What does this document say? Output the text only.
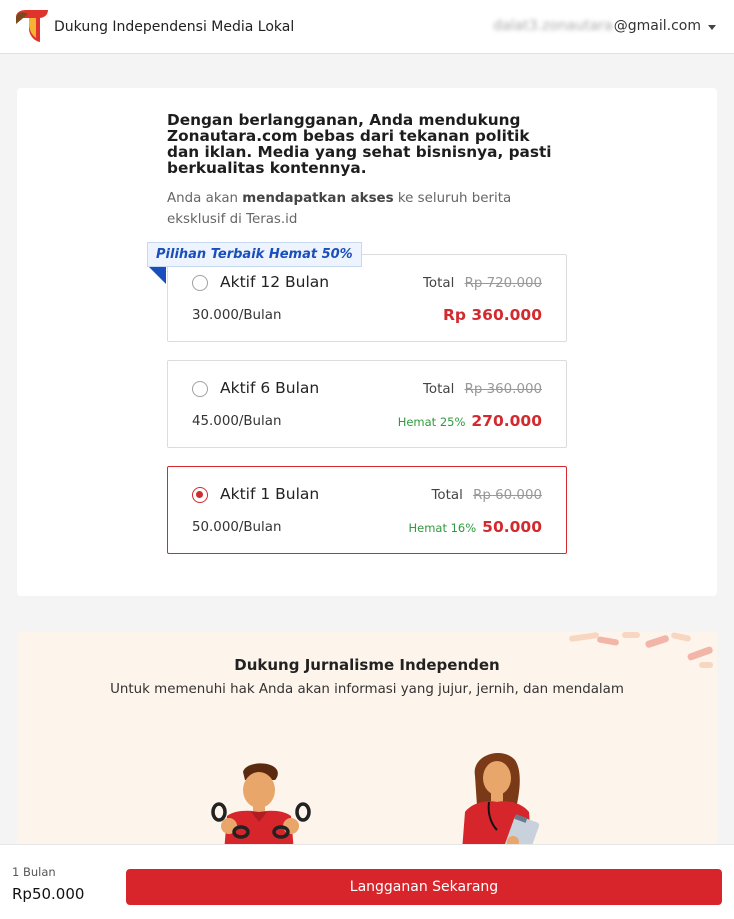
Dukung Independensi Media Lokal	dalat3.zonautara @gmail.com
Dengan berlangganan, Anda mendukung Zonautara.com bebas dari tekanan politik dan iklan. Media yang sehat bisnisnya, pasti berkualitas kontennya.
Anda akan mendapatkan akses ke seluruh berita eksklusif di Teras.id
Aktif 12 Bulan	Total Rp 720.000
30.000/Bulan	Rp 360.000
Pilihan Terbaik Hemat 50%
Aktif 6 Bulan	Total Rp 360.000
45.000/Bulan	Hemat 25% 270.000
Aktif 1 Bulan	Total Rp 60.000
50.000/Bulan	Hemat 16% 50.000
Dukung Jurnalisme Independen
Untuk memenuhi hak Anda akan informasi yang jujur, jernih, dan mendalam
1 Bulan
Rp50.000	Langganan Sekarang
